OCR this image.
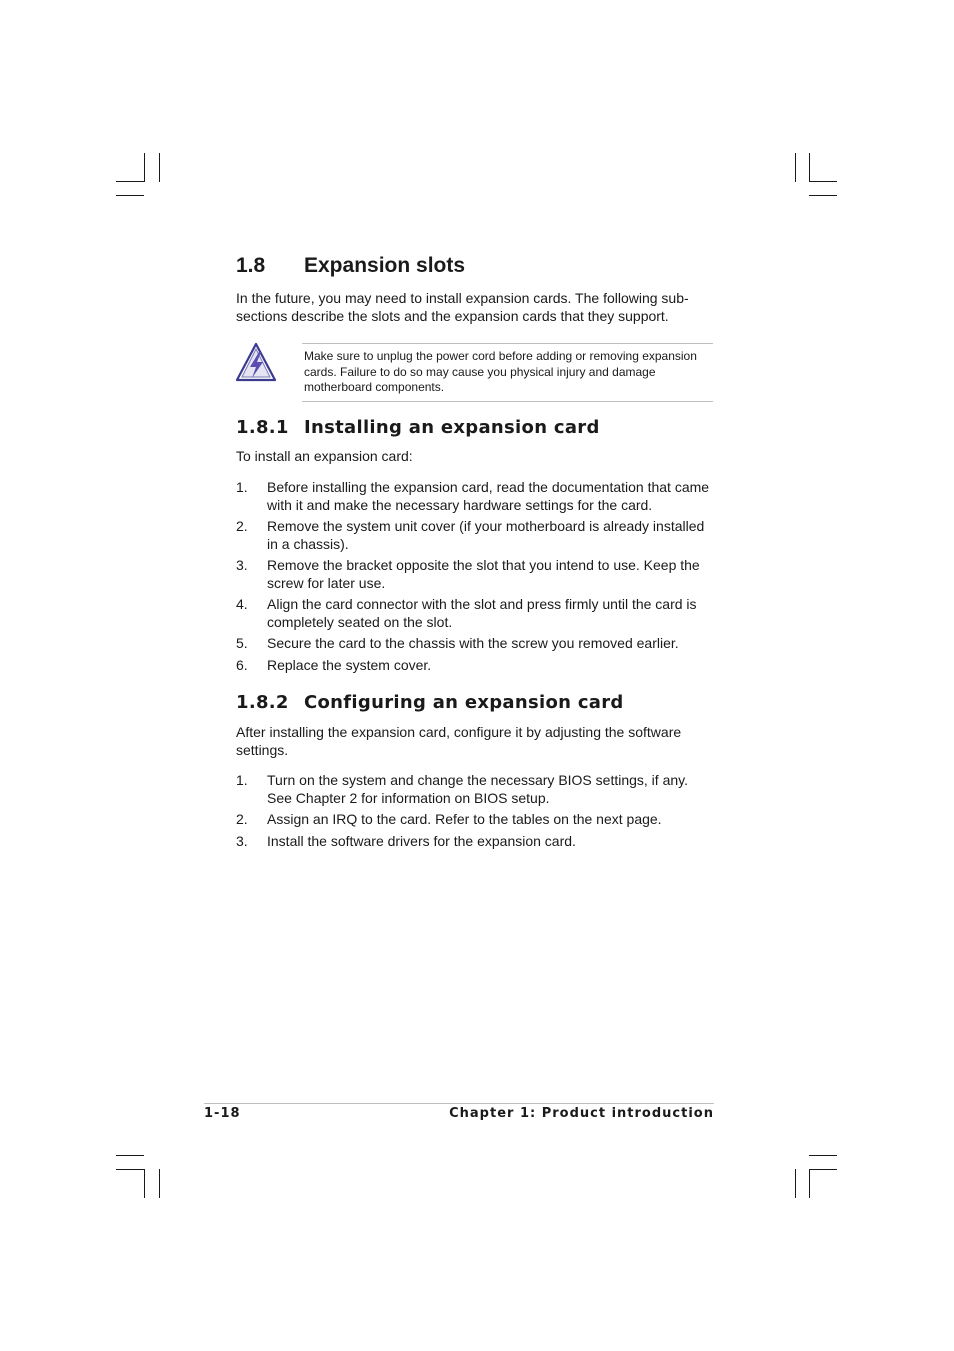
1.8 Expansion slots

In the future, you may need to install expansion cards. The following sub-sections describe the slots and the expansion cards that they support.

Make sure to unplug the power cord before adding or removing expansion cards. Failure to do so may cause you physical injury and damage motherboard components.

1.8.1 Installing an expansion card

To install an expansion card:

1. Before installing the expansion card, read the documentation that came with it and make the necessary hardware settings for the card.
2. Remove the system unit cover (if your motherboard is already installed in a chassis).
3. Remove the bracket opposite the slot that you intend to use. Keep the screw for later use.
4. Align the card connector with the slot and press firmly until the card is completely seated on the slot.
5. Secure the card to the chassis with the screw you removed earlier.
6. Replace the system cover.
1.8.2 Configuring an expansion card

After installing the expansion card, configure it by adjusting the software settings.

1. Turn on the system and change the necessary BIOS settings, if any. See Chapter 2 for information on BIOS setup.
2. Assign an IRQ to the card. Refer to the tables on the next page.
3. Install the software drivers for the expansion card.
1-18	Chapter 1: Product introduction
